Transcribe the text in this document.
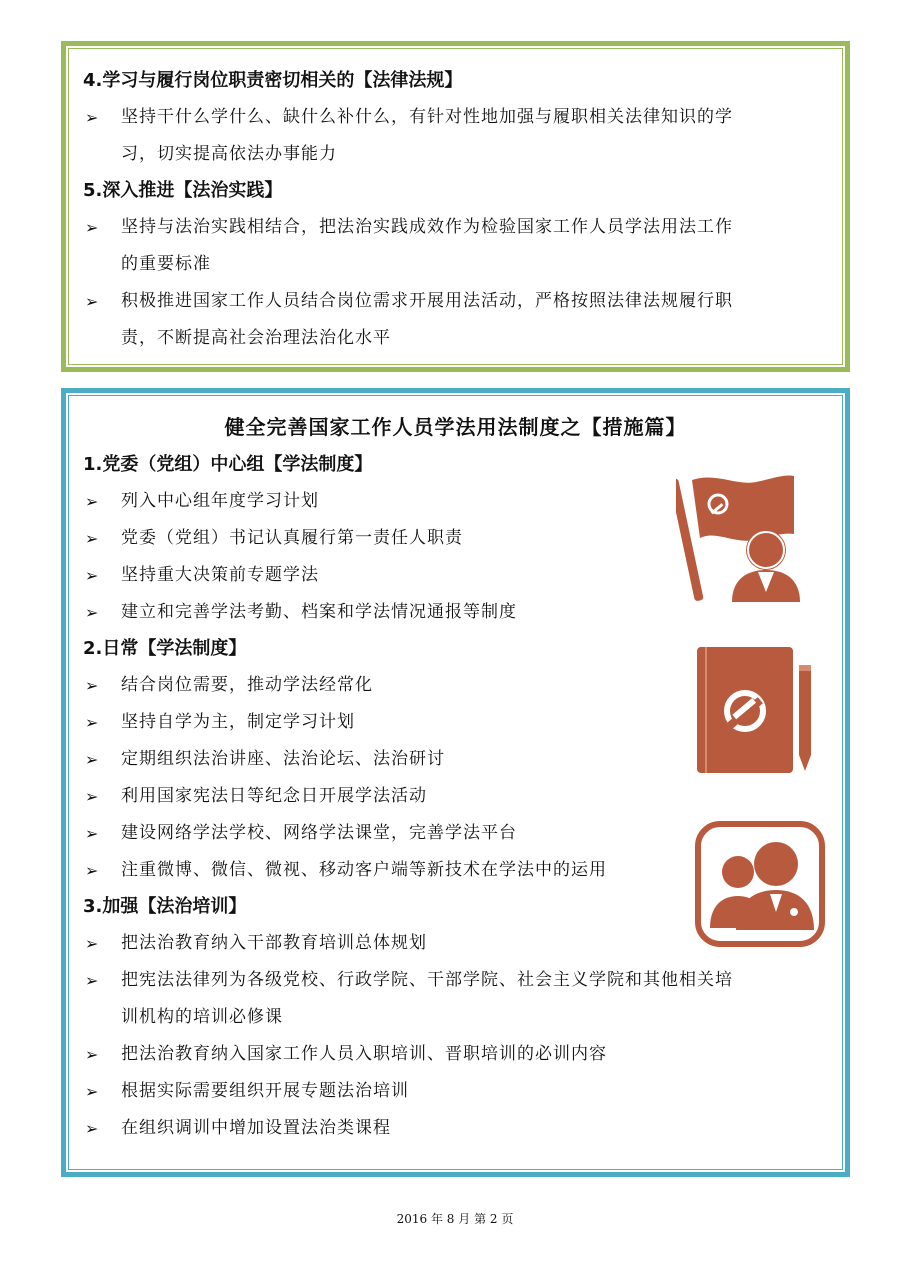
4.学习与履行岗位职责密切相关的【法律法规】
➢ 坚持干什么学什么、缺什么补什么，有针对性地加强与履职相关法律知识的学
习，切实提高依法办事能力
5.深入推进【法治实践】
➢ 坚持与法治实践相结合，把法治实践成效作为检验国家工作人员学法用法工作
的重要标准
➢ 积极推进国家工作人员结合岗位需求开展用法活动，严格按照法律法规履行职
责，不断提高社会治理法治化水平
健全完善国家工作人员学法用法制度之【措施篇】
1.党委（党组）中心组【学法制度】
➢ 列入中心组年度学习计划
➢ 党委（党组）书记认真履行第一责任人职责
➢ 坚持重大决策前专题学法
➢ 建立和完善学法考勤、档案和学法情况通报等制度
2.日常【学法制度】
➢ 结合岗位需要，推动学法经常化
➢ 坚持自学为主，制定学习计划
➢ 定期组织法治讲座、法治论坛、法治研讨
➢ 利用国家宪法日等纪念日开展学法活动
➢ 建设网络学法学校、网络学法课堂，完善学法平台
➢ 注重微博、微信、微视、移动客户端等新技术在学法中的运用
3.加强【法治培训】
➢ 把法治教育纳入干部教育培训总体规划
➢ 把宪法法律列为各级党校、行政学院、干部学院、社会主义学院和其他相关培
训机构的培训必修课
➢ 把法治教育纳入国家工作人员入职培训、晋职培训的必训内容
➢ 根据实际需要组织开展专题法治培训
➢ 在组织调训中增加设置法治类课程
2016 年 8 月 第 2 页
